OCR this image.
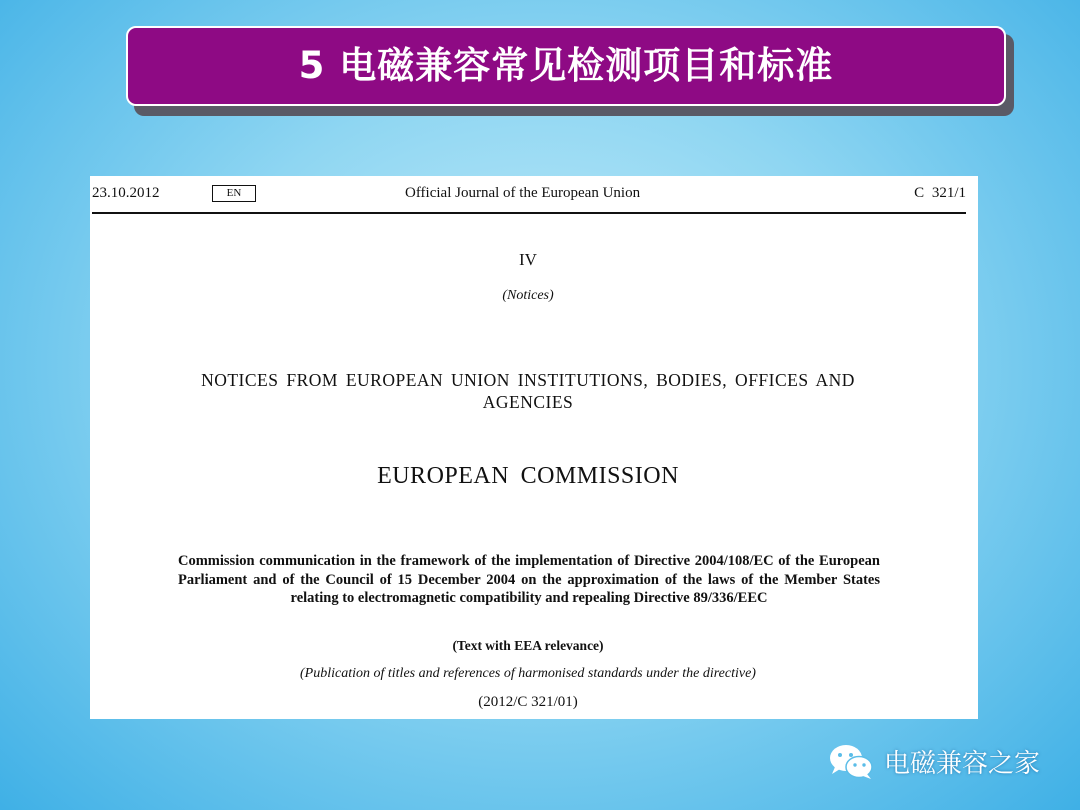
5 电磁兼容常见检测项目和标准
23.10.2012	EN	Official Journal of the European Union	C 321/1
IV
(Notices)
NOTICES FROM EUROPEAN UNION INSTITUTIONS, BODIES, OFFICES AND AGENCIES
EUROPEAN COMMISSION
Commission communication in the framework of the implementation of Directive 2004/108/EC of the European Parliament and of the Council of 15 December 2004 on the approximation of the laws of the Member States relating to electromagnetic compatibility and repealing Directive 89/336/EEC
(Text with EEA relevance)
(Publication of titles and references of harmonised standards under the directive)
(2012/C 321/01)
电磁兼容之家
